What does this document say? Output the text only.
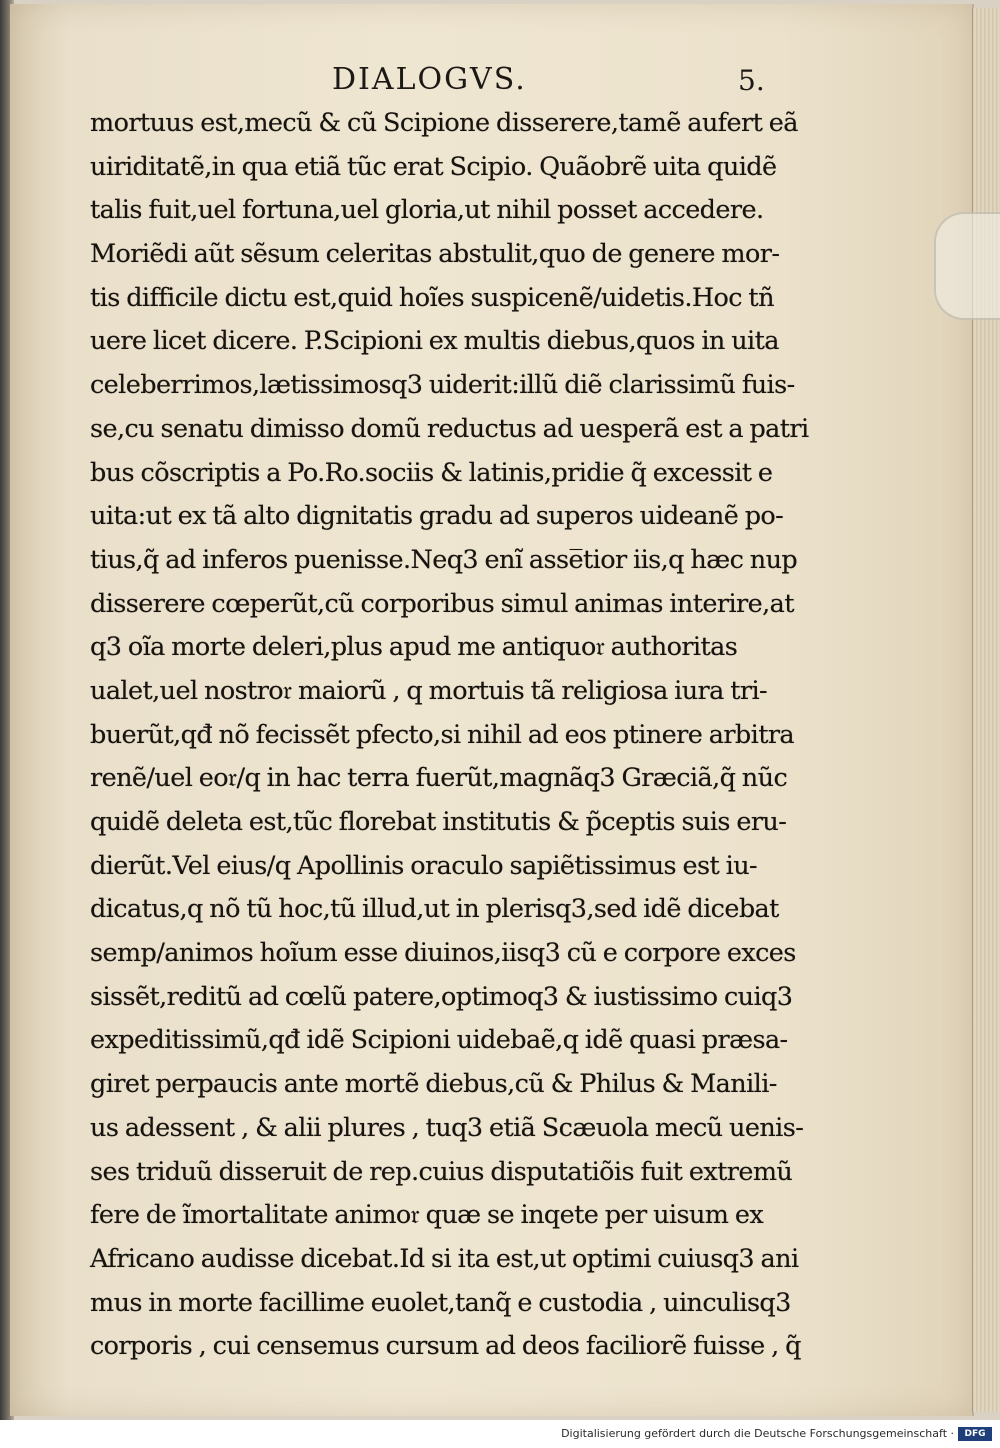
DIALOGVS.	5.
mortuus est,mecũ & cũ Scipione disserere,tamẽ aufert eã
uiriditatẽ,in qua etiã tũc erat Scipio. Quãobrẽ uita quidẽ
talis fuit,uel fortuna,uel gloria,ut nihil posset accedere.
Moriẽdi aũt sẽsum celeritas abstulit,quo de genere mor-
tis difficile dictu est,quid hoĩes suspicenẽ/uidetis.Hoc tñ
uere licet dicere. P.Scipioni ex multis diebus,quos in uita
celeberrimos,lætissimosq3 uiderit:illũ diẽ clarissimũ fuis-
se,cu senatu dimisso domũ reductus ad uesperã est a patri
bus cõscriptis a Po.Ro.sociis & latinis,pridie q̃ excessit e
uita:ut ex tã alto dignitatis gradu ad superos uideanẽ po-
tius,q̃ ad inferos puenisse.Neq3 enĩ asse̅tior iis,q hæc nup
disserere cœperũt,cũ corporibus simul animas interire,at
q3 oĩa morte deleri,plus apud me antiquo𝔯 authoritas
ualet,uel nostro𝔯 maiorũ , q mortuis tã religiosa iura tri-
buerũt,qđ nõ fecissẽt pfecto,si nihil ad eos ptinere arbitra
renẽ/uel eo𝔯/q in hac terra fuerũt,magnãq3 Græciã,q̃ nũc
quidẽ deleta est,tũc florebat institutis & p̃ceptis suis eru-
dierũt.Vel eius/q Apollinis oraculo sapiẽtissimus est iu-
dicatus,q nõ tũ hoc,tũ illud,ut in plerisq3,sed idẽ dicebat
semp/animos hoĩum esse diuinos,iisq3 cũ e corpore exces
sissẽt,reditũ ad cœlũ patere,optimoq3 & iustissimo cuiq3
expeditissimũ,qđ idẽ Scipioni uidebaẽ,q idẽ quasi præsa-
giret perpaucis ante mortẽ diebus,cũ & Philus & Manili-
us adessent , & alii plures , tuq3 etiã Scæuola mecũ uenis-
ses triduũ disseruit de rep.cuius disputatiõis fuit extremũ
fere de ĩmortalitate animo𝔯 quæ se inqete per uisum ex
Africano audisse dicebat.Id si ita est,ut optimi cuiusq3 ani
mus in morte facillime euolet,tanq̃ e custodia , uinculisq3
corporis , cui censemus cursum ad deos faciliorẽ fuisse , q̃
Digitalisierung gefördert durch die Deutsche Forschungsgemeinschaft ·	DFG
